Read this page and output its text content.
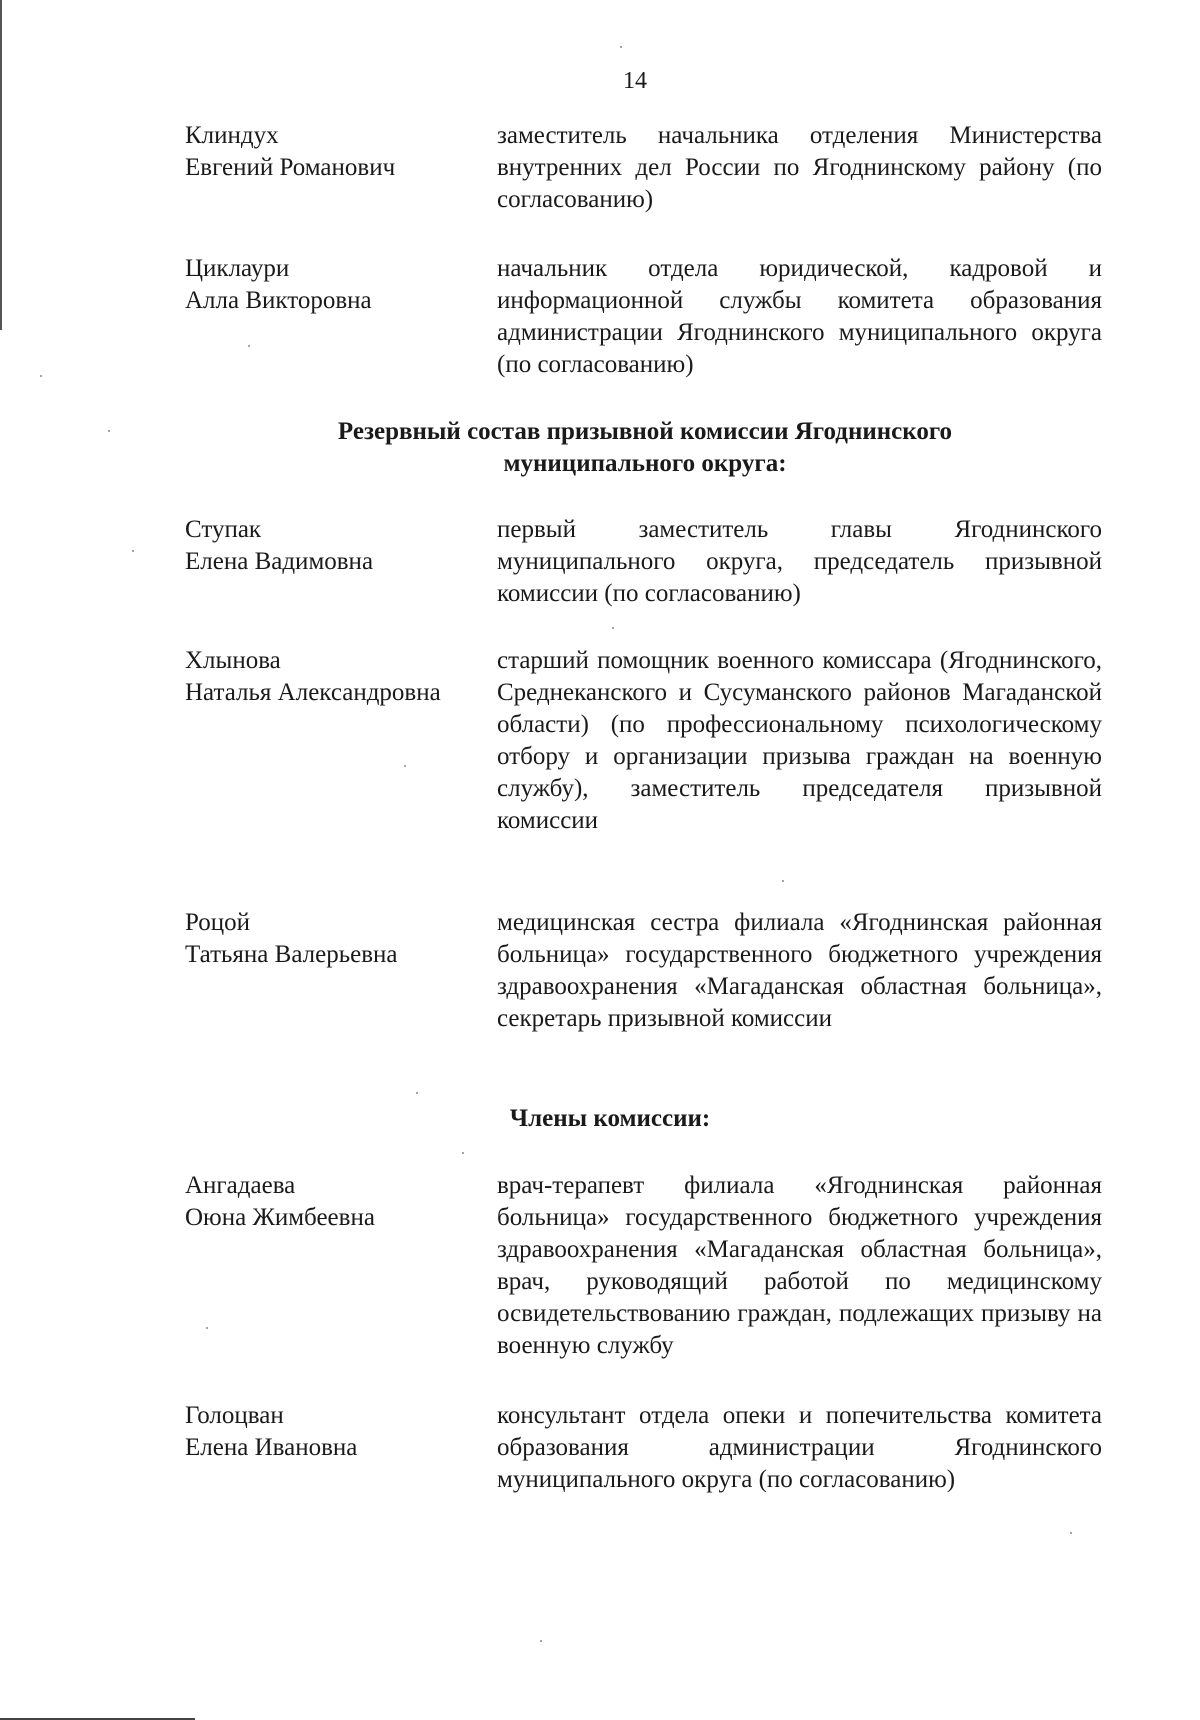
14
Клиндух
Евгений Романович
заместитель начальника отделения Министерства внутренних дел России по Ягоднинскому району (по согласованию)
Циклаури
Алла Викторовна
начальник отдела юридической, кадровой и информационной службы комитета образования администрации Ягоднинского муниципального округа (по согласованию)
Резервный состав призывной комиссии Ягоднинского
муниципального округа:
Ступак
Елена Вадимовна
первый заместитель главы Ягоднинского муниципального округа, председатель призывной комиссии (по согласованию)
Хлынова
Наталья Александровна
старший помощник военного комиссара (Ягоднинского, Среднеканского и Сусуманского районов Магаданской области) (по профессиональному психологическому отбору и организации призыва граждан на военную службу), заместитель председателя призывной комиссии
Роцой
Татьяна Валерьевна
медицинская сестра филиала «Ягоднинская районная больница» государственного бюджетного учреждения здравоохранения «Магаданская областная больница», секретарь призывной комиссии
Члены комиссии:
Ангадаева
Оюна Жимбеевна
врач-терапевт филиала «Ягоднинская районная больница» государственного бюджетного учреждения здравоохранения «Магаданская областная больница», врач, руководящий работой по медицинскому освидетельствованию граждан, подлежащих призыву на военную службу
Голоцван
Елена Ивановна
консультант отдела опеки и попечительства комитета образования администрации Ягоднинского муниципального округа (по согласованию)
